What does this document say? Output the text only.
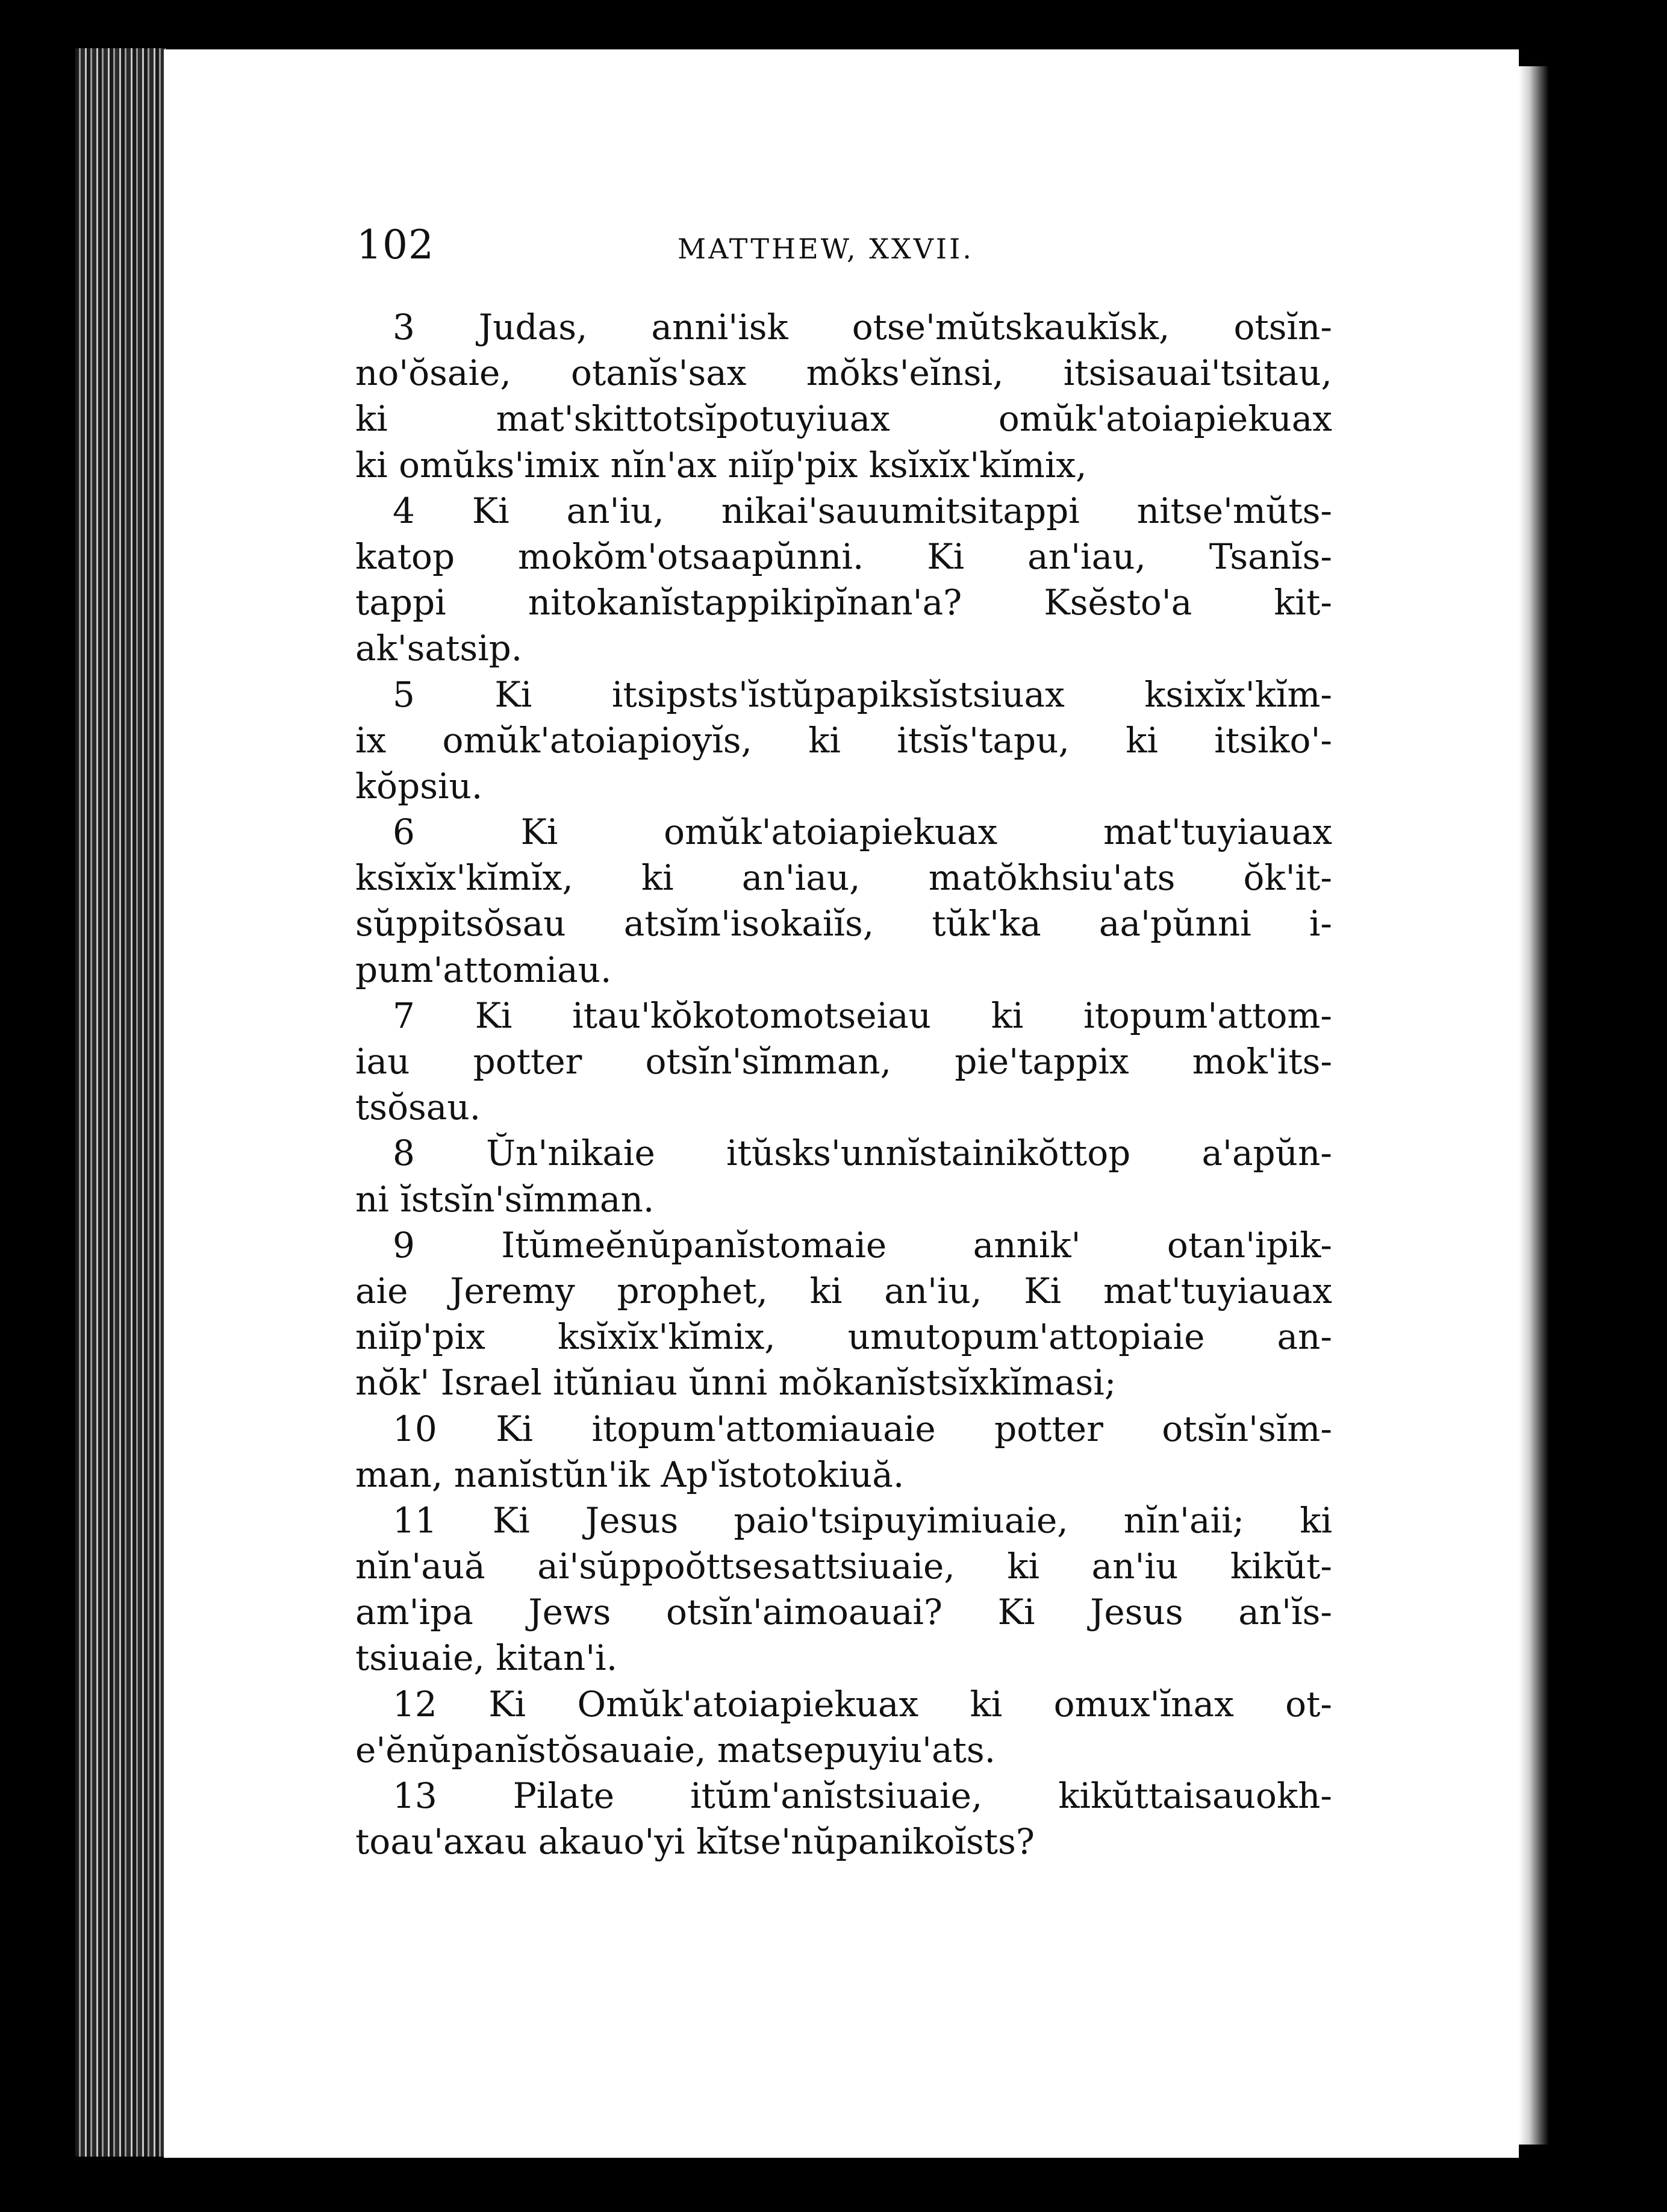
102	MATTHEW, XXVII.
3 Judas, anni'isk otse'mŭtskaukĭsk, otsĭn-
no'ŏsaie, otanĭs'sax mŏks'eĭnsi, itsisauai'tsitau,
ki mat'skittotsĭpotuyiuax omŭk'atoiapiekuax
ki omŭks'imix nĭn'ax niĭp'pix ksĭxĭx'kĭmix,
4 Ki an'iu, nikai'sauumitsitappi nitse'mŭts-
katop mokŏm'otsaapŭnni. Ki an'iau, Tsanĭs-
tappi nitokanĭstappikipĭnan'a? Ksĕsto'a kit-
ak'satsip.
5 Ki itsipsts'ĭstŭpapiksĭstsiuax ksixĭx'kĭm-
ix omŭk'atoiapioyĭs, ki itsĭs'tapu, ki itsiko'-
kŏpsiu.
6 Ki omŭk'atoiapiekuax mat'tuyiauax
ksĭxĭx'kĭmĭx, ki an'iau, matŏkhsiu'ats ŏk'it-
sŭppitsŏsau atsĭm'isokaiĭs, tŭk'ka aa'pŭnni i-
pum'attomiau.
7 Ki itau'kŏkotomotseiau ki itopum'attom-
iau potter otsĭn'sĭmman, pie'tappix mok'its-
tsŏsau.
8 Ŭn'nikaie itŭsks'unnĭstainikŏttop a'apŭn-
ni ĭstsĭn'sĭmman.
9 Itŭmeĕnŭpanĭstomaie annik' otan'ipik-
aie Jeremy prophet, ki an'iu, Ki mat'tuyiauax
niĭp'pix ksĭxĭx'kĭmix, umutopum'attopiaie an-
nŏk' Israel itŭniau ŭnni mŏkanĭstsĭxkĭmasi;
10 Ki itopum'attomiauaie potter otsĭn'sĭm-
man, nanĭstŭn'ik Ap'ĭstotokiuă.
11 Ki Jesus paio'tsipuyimiuaie, nĭn'aii; ki
nĭn'auă ai'sŭppoŏttsesattsiuaie, ki an'iu kikŭt-
am'ipa Jews otsĭn'aimoauai? Ki Jesus an'ĭs-
tsiuaie, kitan'i.
12 Ki Omŭk'atoiapiekuax ki omux'ĭnax ot-
e'ĕnŭpanĭstŏsauaie, matsepuyiu'ats.
13 Pilate itŭm'anĭstsiuaie, kikŭttaisauokh-
toau'axau akauo'yi kĭtse'nŭpanikoĭsts?
